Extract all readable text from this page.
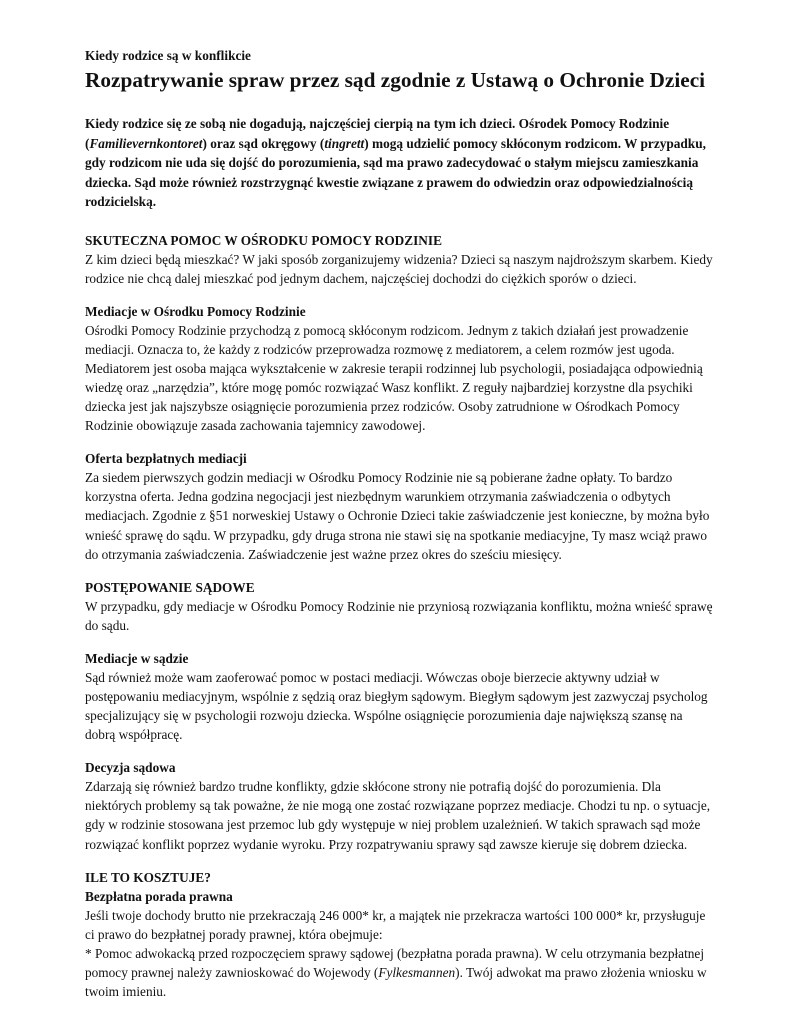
Kiedy rodzice są w konflikcie

Rozpatrywanie spraw przez sąd zgodnie z Ustawą o Ochronie Dzieci

Kiedy rodzice się ze sobą nie dogadują, najczęściej cierpią na tym ich dzieci. Ośrodek Pomocy Rodzinie (Familievernkontoret) oraz sąd okręgowy (tingrett) mogą udzielić pomocy skłóconym rodzicom. W przypadku, gdy rodzicom nie uda się dojść do porozumienia, sąd ma prawo zadecydować o stałym miejscu zamieszkania dziecka. Sąd może również rozstrzygnąć kwestie związane z prawem do odwiedzin oraz odpowiedzialnością rodzicielską.

SKUTECZNA POMOC W OŚRODKU POMOCY RODZINIE

Z kim dzieci będą mieszkać? W jaki sposób zorganizujemy widzenia? Dzieci są naszym najdroższym skarbem. Kiedy rodzice nie chcą dalej mieszkać pod jednym dachem, najczęściej dochodzi do ciężkich sporów o dzieci.

Mediacje w Ośrodku Pomocy Rodzinie

Ośrodki Pomocy Rodzinie przychodzą z pomocą skłóconym rodzicom. Jednym z takich działań jest prowadzenie mediacji. Oznacza to, że każdy z rodziców przeprowadza rozmowę z mediatorem, a celem rozmów jest ugoda. Mediatorem jest osoba mająca wykształcenie w zakresie terapii rodzinnej lub psychologii, posiadająca odpowiednią wiedzę oraz „narzędzia”, które mogę pomóc rozwiązać Wasz konflikt. Z reguły najbardziej korzystne dla psychiki dziecka jest jak najszybsze osiągnięcie porozumienia przez rodziców. Osoby zatrudnione w Ośrodkach Pomocy Rodzinie obowiązuje zasada zachowania tajemnicy zawodowej.

Oferta bezpłatnych mediacji

Za siedem pierwszych godzin mediacji w Ośrodku Pomocy Rodzinie nie są pobierane żadne opłaty. To bardzo korzystna oferta. Jedna godzina negocjacji jest niezbędnym warunkiem otrzymania zaświadczenia o odbytych mediacjach. Zgodnie z §51 norweskiej Ustawy o Ochronie Dzieci takie zaświadczenie jest konieczne, by można było wnieść sprawę do sądu. W przypadku, gdy druga strona nie stawi się na spotkanie mediacyjne, Ty masz wciąż prawo do otrzymania zaświadczenia. Zaświadczenie jest ważne przez okres do sześciu miesięcy.

POSTĘPOWANIE SĄDOWE

W przypadku, gdy mediacje w Ośrodku Pomocy Rodzinie nie przyniosą rozwiązania konfliktu, można wnieść sprawę do sądu.

Mediacje w sądzie

Sąd również może wam zaoferować pomoc w postaci mediacji. Wówczas oboje bierzecie aktywny udział w postępowaniu mediacyjnym, wspólnie z sędzią oraz biegłym sądowym. Biegłym sądowym jest zazwyczaj psycholog specjalizujący się w psychologii rozwoju dziecka. Wspólne osiągnięcie porozumienia daje największą szansę na dobrą współpracę.

Decyzja sądowa

Zdarzają się również bardzo trudne konflikty, gdzie skłócone strony nie potrafią dojść do porozumienia. Dla niektórych problemy są tak poważne, że nie mogą one zostać rozwiązane poprzez mediacje. Chodzi tu np. o sytuacje, gdy w rodzinie stosowana jest przemoc lub gdy występuje w niej problem uzależnień. W takich sprawach sąd może rozwiązać konflikt poprzez wydanie wyroku. Przy rozpatrywaniu sprawy sąd zawsze kieruje się dobrem dziecka.

ILE TO KOSZTUJE?
Bezpłatna porada prawna

Jeśli twoje dochody brutto nie przekraczają 246 000* kr, a majątek nie przekracza wartości 100 000* kr, przysługuje ci prawo do bezpłatnej porady prawnej, która obejmuje:

* Pomoc adwokacką przed rozpoczęciem sprawy sądowej (bezpłatna porada prawna). W celu otrzymania bezpłatnej pomocy prawnej należy zawnioskować do Wojewody (Fylkesmannen). Twój adwokat ma prawo złożenia wniosku w twoim imieniu.
